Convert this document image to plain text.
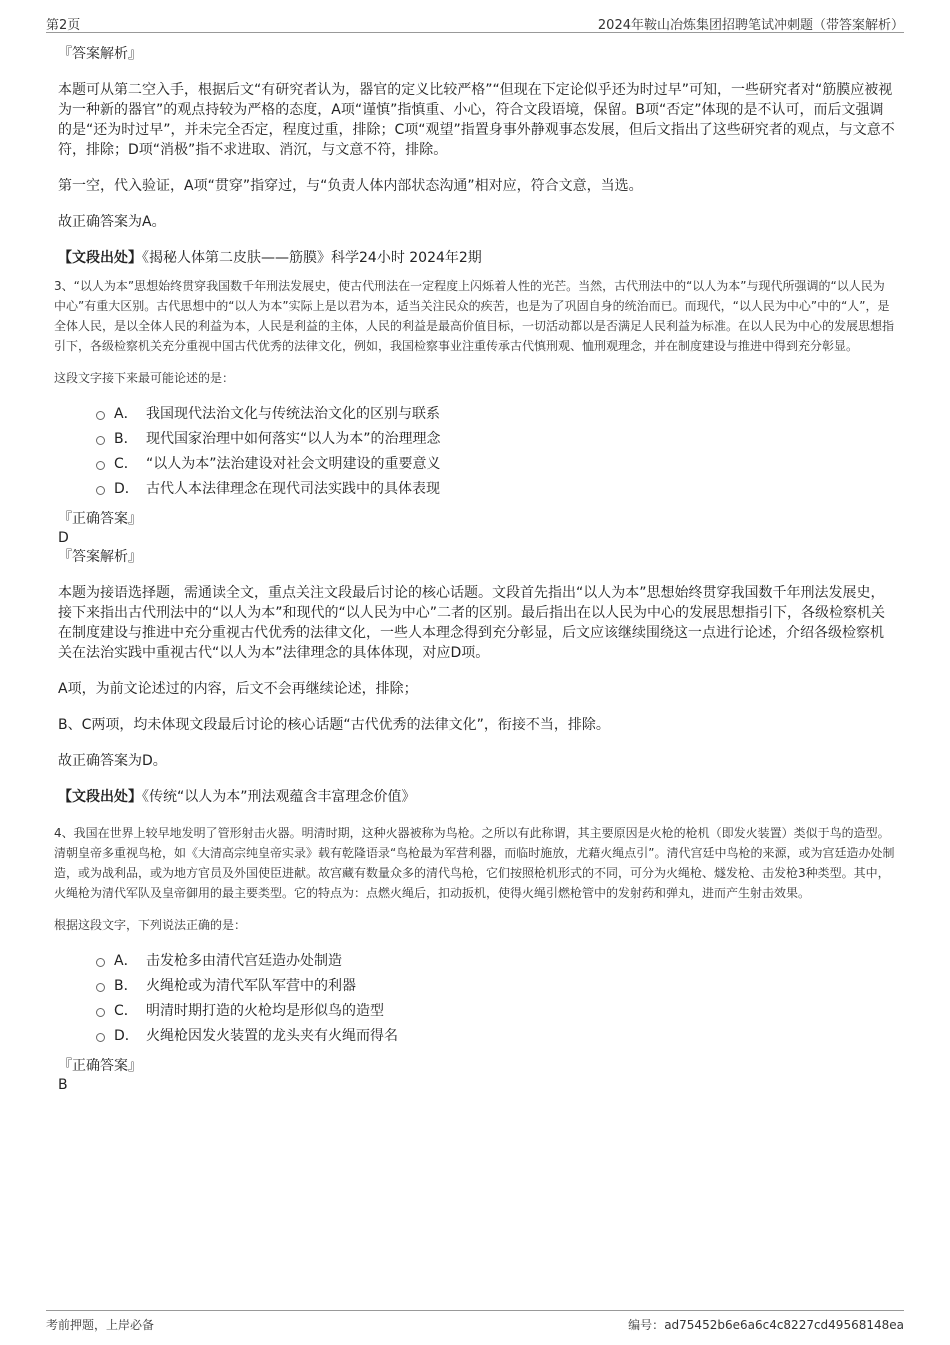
第2页	2024年鞍山冶炼集团招聘笔试冲刺题（带答案解析）
『答案解析』

本题可从第二空入手，根据后文“有研究者认为，器官的定义比较严格”“但现在下定论似乎还为时过早”可知，一些研究者对“筋膜应被视为一种新的器官”的观点持较为严格的态度，A项“谨慎”指慎重、小心，符合文段语境，保留。B项“否定”体现的是不认可，而后文强调的是“还为时过早”，并未完全否定，程度过重，排除；C项“观望”指置身事外静观事态发展，但后文指出了这些研究者的观点，与文意不符，排除；D项“消极”指不求进取、消沉，与文意不符，排除。

第一空，代入验证，A项“贯穿”指穿过，与“负责人体内部状态沟通”相对应，符合文意，当选。

故正确答案为A。

【文段出处】《揭秘人体第二皮肤——筋膜》科学24小时 2024年2期

3、“以人为本”思想始终贯穿我国数千年刑法发展史，使古代刑法在一定程度上闪烁着人性的光芒。当然，古代刑法中的“以人为本”与现代所强调的“以人民为中心”有重大区别。古代思想中的“以人为本”实际上是以君为本，适当关注民众的疾苦，也是为了巩固自身的统治而已。而现代，“以人民为中心”中的“人”，是全体人民，是以全体人民的利益为本，人民是利益的主体，人民的利益是最高价值目标，一切活动都以是否满足人民利益为标准。在以人民为中心的发展思想指引下，各级检察机关充分重视中国古代优秀的法律文化，例如，我国检察事业注重传承古代慎刑观、恤刑观理念，并在制度建设与推进中得到充分彰显。

这段文字接下来最可能论述的是：
A． 我国现代法治文化与传统法治文化的区别与联系
B． 现代国家治理中如何落实“以人为本”的治理理念
C． “以人为本”法治建设对社会文明建设的重要意义
D． 古代人本法律理念在现代司法实践中的具体表现
『正确答案』
D
『答案解析』

本题为接语选择题，需通读全文，重点关注文段最后讨论的核心话题。文段首先指出“以人为本”思想始终贯穿我国数千年刑法发展史，接下来指出古代刑法中的“以人为本”和现代的“以人民为中心”二者的区别。最后指出在以人民为中心的发展思想指引下，各级检察机关在制度建设与推进中充分重视古代优秀的法律文化，一些人本理念得到充分彰显，后文应该继续围绕这一点进行论述，介绍各级检察机关在法治实践中重视古代“以人为本”法律理念的具体体现，对应D项。

A项，为前文论述过的内容，后文不会再继续论述，排除；

B、C两项，均未体现文段最后讨论的核心话题“古代优秀的法律文化”，衔接不当，排除。

故正确答案为D。

【文段出处】《传统“以人为本”刑法观蕴含丰富理念价值》

4、我国在世界上较早地发明了管形射击火器。明清时期，这种火器被称为鸟枪。之所以有此称谓，其主要原因是火枪的枪机（即发火装置）类似于鸟的造型。清朝皇帝多重视鸟枪，如《大清高宗纯皇帝实录》载有乾隆语录“鸟枪最为军营利器，而临时施放，尤藉火绳点引”。清代宫廷中鸟枪的来源，或为宫廷造办处制造，或为战利品，或为地方官员及外国使臣进献。故宫藏有数量众多的清代鸟枪，它们按照枪机形式的不同，可分为火绳枪、燧发枪、击发枪3种类型。其中，火绳枪为清代军队及皇帝御用的最主要类型。它的特点为：点燃火绳后，扣动扳机，使得火绳引燃枪管中的发射药和弹丸，进而产生射击效果。

根据这段文字，下列说法正确的是：
A． 击发枪多由清代宫廷造办处制造
B． 火绳枪或为清代军队军营中的利器
C． 明清时期打造的火枪均是形似鸟的造型
D． 火绳枪因发火装置的龙头夹有火绳而得名
『正确答案』
B
考前押题，上岸必备	编号：ad75452b6e6a6c4c8227cd49568148ea
